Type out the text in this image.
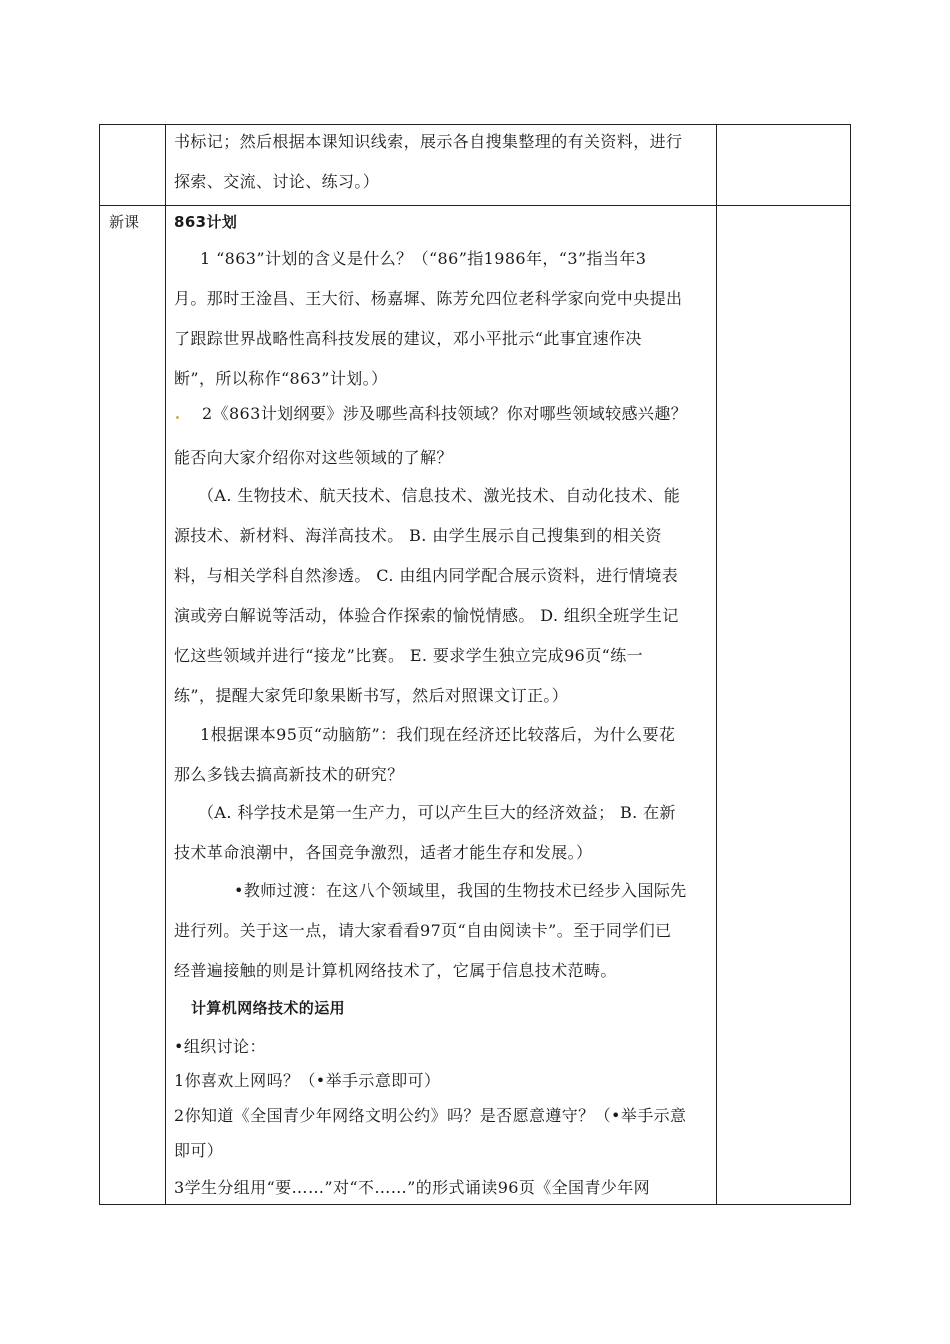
新课
书标记；然后根据本课知识线索，展示各自搜集整理的有关资料，进行
探索、交流、讨论、练习。）
863计划
1 “863”计划的含义是什么？（“86”指1986年，“3”指当年3
月。那时王淦昌、王大衍、杨嘉墀、陈芳允四位老科学家向党中央提出
了跟踪世界战略性高科技发展的建议，邓小平批示“此事宜速作决
断”，所以称作“863”计划。）
2《863计划纲要》涉及哪些高科技领域？你对哪些领域较感兴趣？
能否向大家介绍你对这些领域的了解？
（A. 生物技术、航天技术、信息技术、激光技术、自动化技术、能
源技术、新材料、海洋高技术。 B. 由学生展示自己搜集到的相关资
料，与相关学科自然渗透。 C. 由组内同学配合展示资料，进行情境表
演或旁白解说等活动，体验合作探索的愉悦情感。 D. 组织全班学生记
忆这些领域并进行“接龙”比赛。 E. 要求学生独立完成96页“练一
练”，提醒大家凭印象果断书写，然后对照课文订正。）
1根据课本95页“动脑筋”：我们现在经济还比较落后，为什么要花
那么多钱去搞高新技术的研究？
（A. 科学技术是第一生产力，可以产生巨大的经济效益； B. 在新
技术革命浪潮中，各国竞争激烈，适者才能生存和发展。）
•教师过渡：在这八个领域里，我国的生物技术已经步入国际先
进行列。关于这一点，请大家看看97页“自由阅读卡”。至于同学们已
经普遍接触的则是计算机网络技术了，它属于信息技术范畴。
计算机网络技术的运用
•组织讨论：
1你喜欢上网吗？（•举手示意即可）
2你知道《全国青少年网络文明公约》吗？是否愿意遵守？（•举手示意
即可）
3学生分组用“要……”对“不……”的形式诵读96页《全国青少年网
